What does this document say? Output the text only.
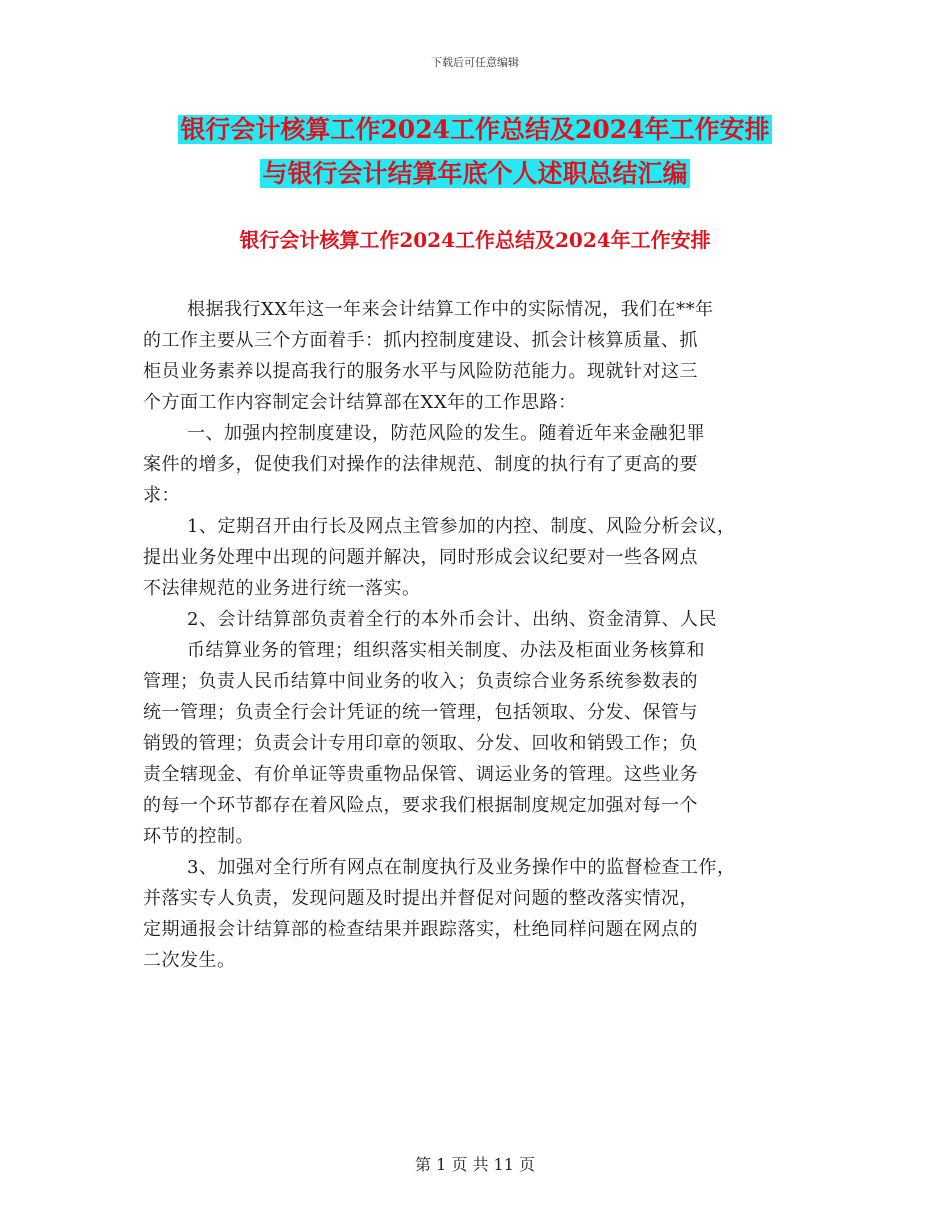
下载后可任意编辑
银行会计核算工作2024工作总结及2024年工作安排
与银行会计结算年底个人述职总结汇编
银行会计核算工作2024工作总结及2024年工作安排
根据我行XX年这一年来会计结算工作中的实际情况，我们在**年
的工作主要从三个方面着手：抓内控制度建设、抓会计核算质量、抓
柜员业务素养以提高我行的服务水平与风险防范能力。现就针对这三
个方面工作内容制定会计结算部在XX年的工作思路：
一、加强内控制度建设，防范风险的发生。随着近年来金融犯罪
案件的增多，促使我们对操作的法律规范、制度的执行有了更高的要
求：
1、定期召开由行长及网点主管参加的内控、制度、风险分析会议，
提出业务处理中出现的问题并解决，同时形成会议纪要对一些各网点
不法律规范的业务进行统一落实。
2、会计结算部负责着全行的本外币会计、出纳、资金清算、人民
币结算业务的管理；组织落实相关制度、办法及柜面业务核算和
管理；负责人民币结算中间业务的收入；负责综合业务系统参数表的
统一管理；负责全行会计凭证的统一管理，包括领取、分发、保管与
销毁的管理；负责会计专用印章的领取、分发、回收和销毁工作；负
责全辖现金、有价单证等贵重物品保管、调运业务的管理。这些业务
的每一个环节都存在着风险点，要求我们根据制度规定加强对每一个
环节的控制。
3、加强对全行所有网点在制度执行及业务操作中的监督检查工作，
并落实专人负责，发现问题及时提出并督促对问题的整改落实情况，
定期通报会计结算部的检查结果并跟踪落实，杜绝同样问题在网点的
二次发生。
第 1 页 共 11 页
